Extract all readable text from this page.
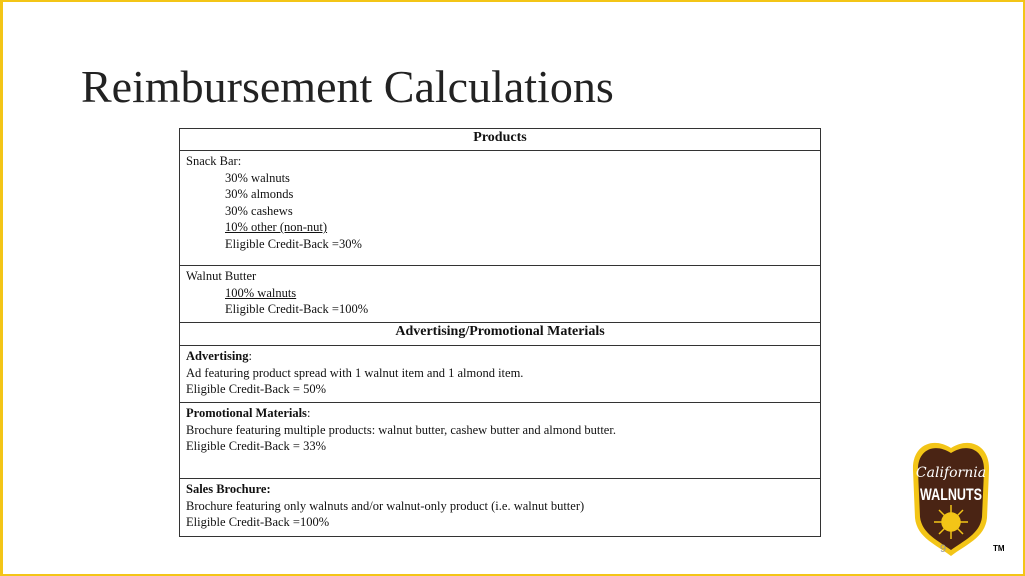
Reimbursement Calculations
Products

Snack Bar:
30% walnuts
30% almonds
30% cashews
10% other (non-nut)
Eligible Credit-Back =30%

Walnut Butter
100% walnuts
Eligible Credit-Back =100%

Advertising/Promotional Materials

Advertising:
Ad featuring product spread with 1 walnut item and 1 almond item.
Eligible Credit-Back = 50%

Promotional Materials:
Brochure featuring multiple products: walnut butter, cashew butter and almond butter.
Eligible Credit-Back = 33%

Sales Brochure:
Brochure featuring only walnuts and/or walnut-only product (i.e. walnut butter)
Eligible Credit-Back =100%
California
WALNUTS
9	TM
